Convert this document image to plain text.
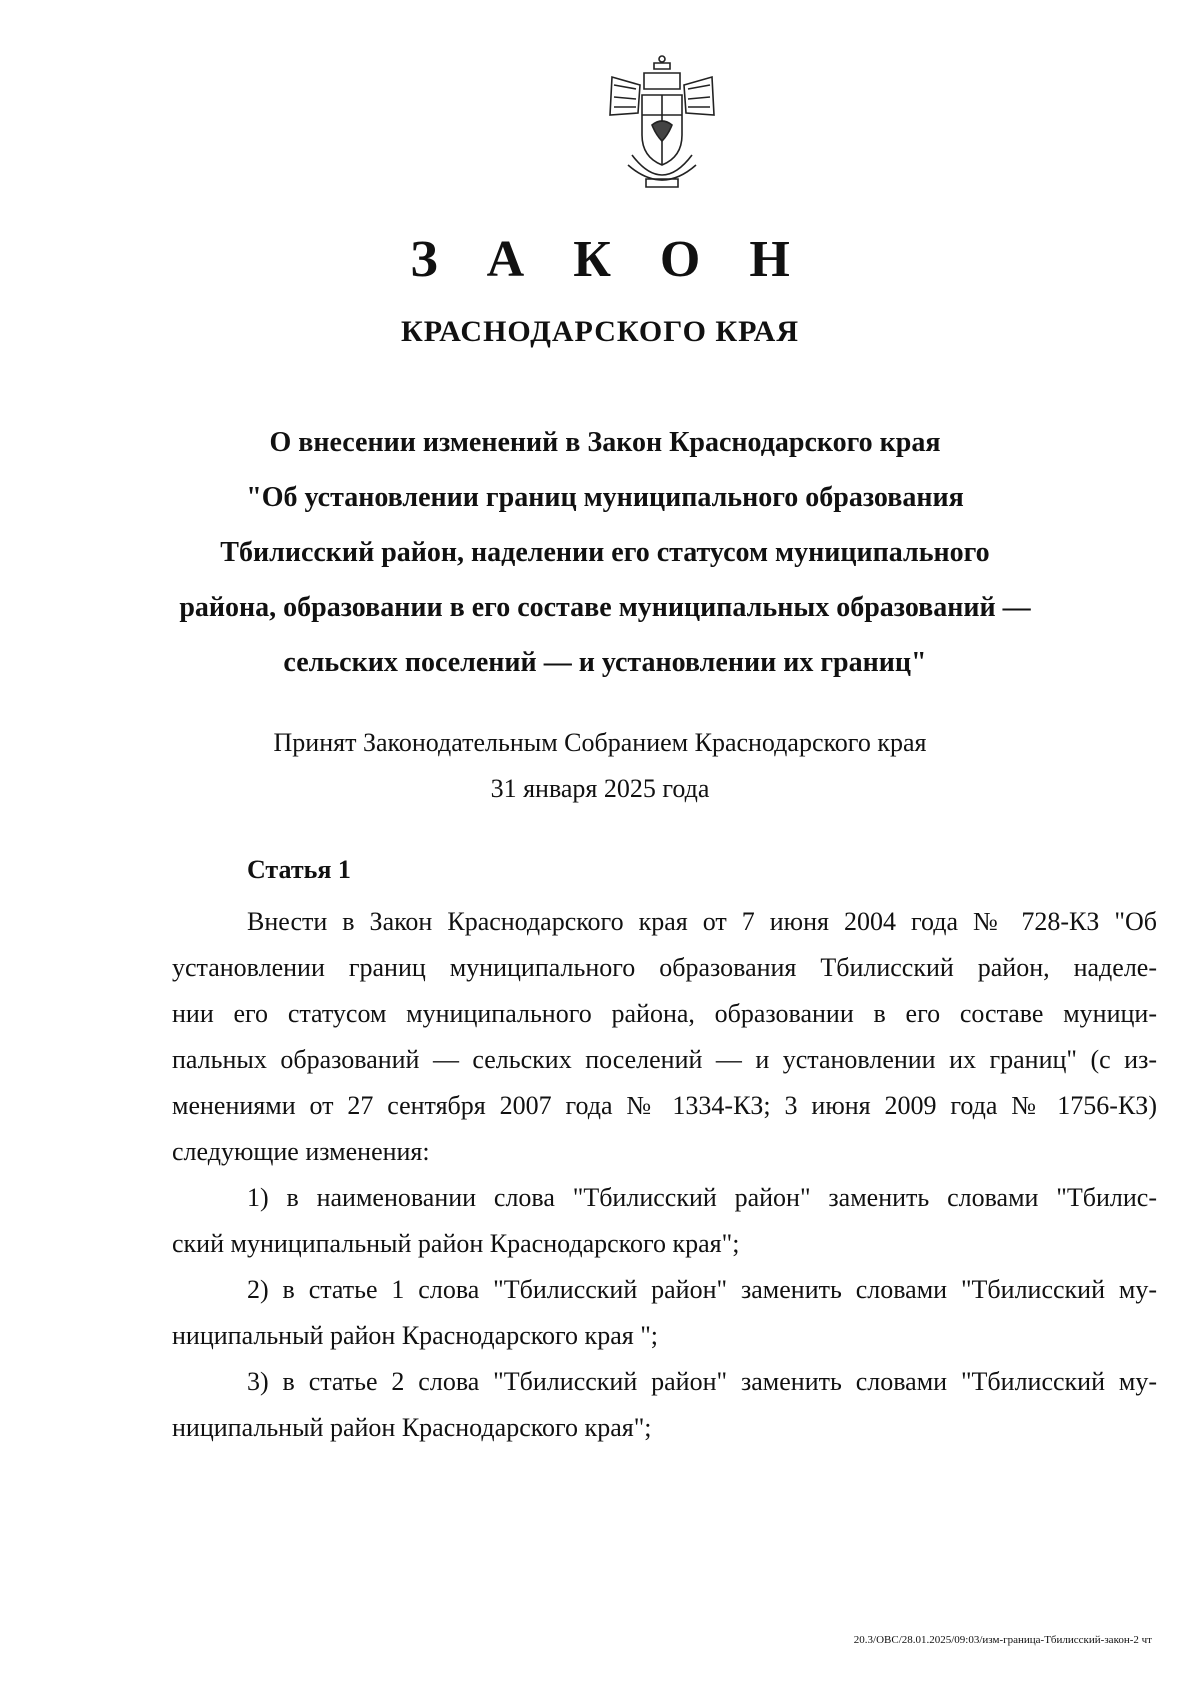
З А К О Н
КРАСНОДАРСКОГО КРАЯ
О внесении изменений в Закон Краснодарского края
"Об установлении границ муниципального образования
Тбилисский район, наделении его статусом муниципального
района, образовании в его составе муниципальных образований —
сельских поселений — и установлении их границ"
Принят Законодательным Собранием Краснодарского края
31 января 2025 года
Статья 1
Внести в Закон Краснодарского края от 7 июня 2004 года № 728-КЗ "Об
установлении границ муниципального образования Тбилисский район, наделе-
нии его статусом муниципального района, образовании в его составе муници-
пальных образований — сельских поселений — и установлении их границ" (с из-
менениями от 27 сентября 2007 года № 1334-КЗ; 3 июня 2009 года № 1756-КЗ)
следующие изменения:
1) в наименовании слова "Тбилисский район" заменить словами "Тбилис-
ский муниципальный район Краснодарского края";
2) в статье 1 слова "Тбилисский район" заменить словами "Тбилисский му-
ниципальный район Краснодарского края ";
3) в статье 2 слова "Тбилисский район" заменить словами "Тбилисский му-
ниципальный район Краснодарского края";
20.3/ОВС/28.01.2025/09:03/изм-граница-Тбилисский-закон-2 чт
